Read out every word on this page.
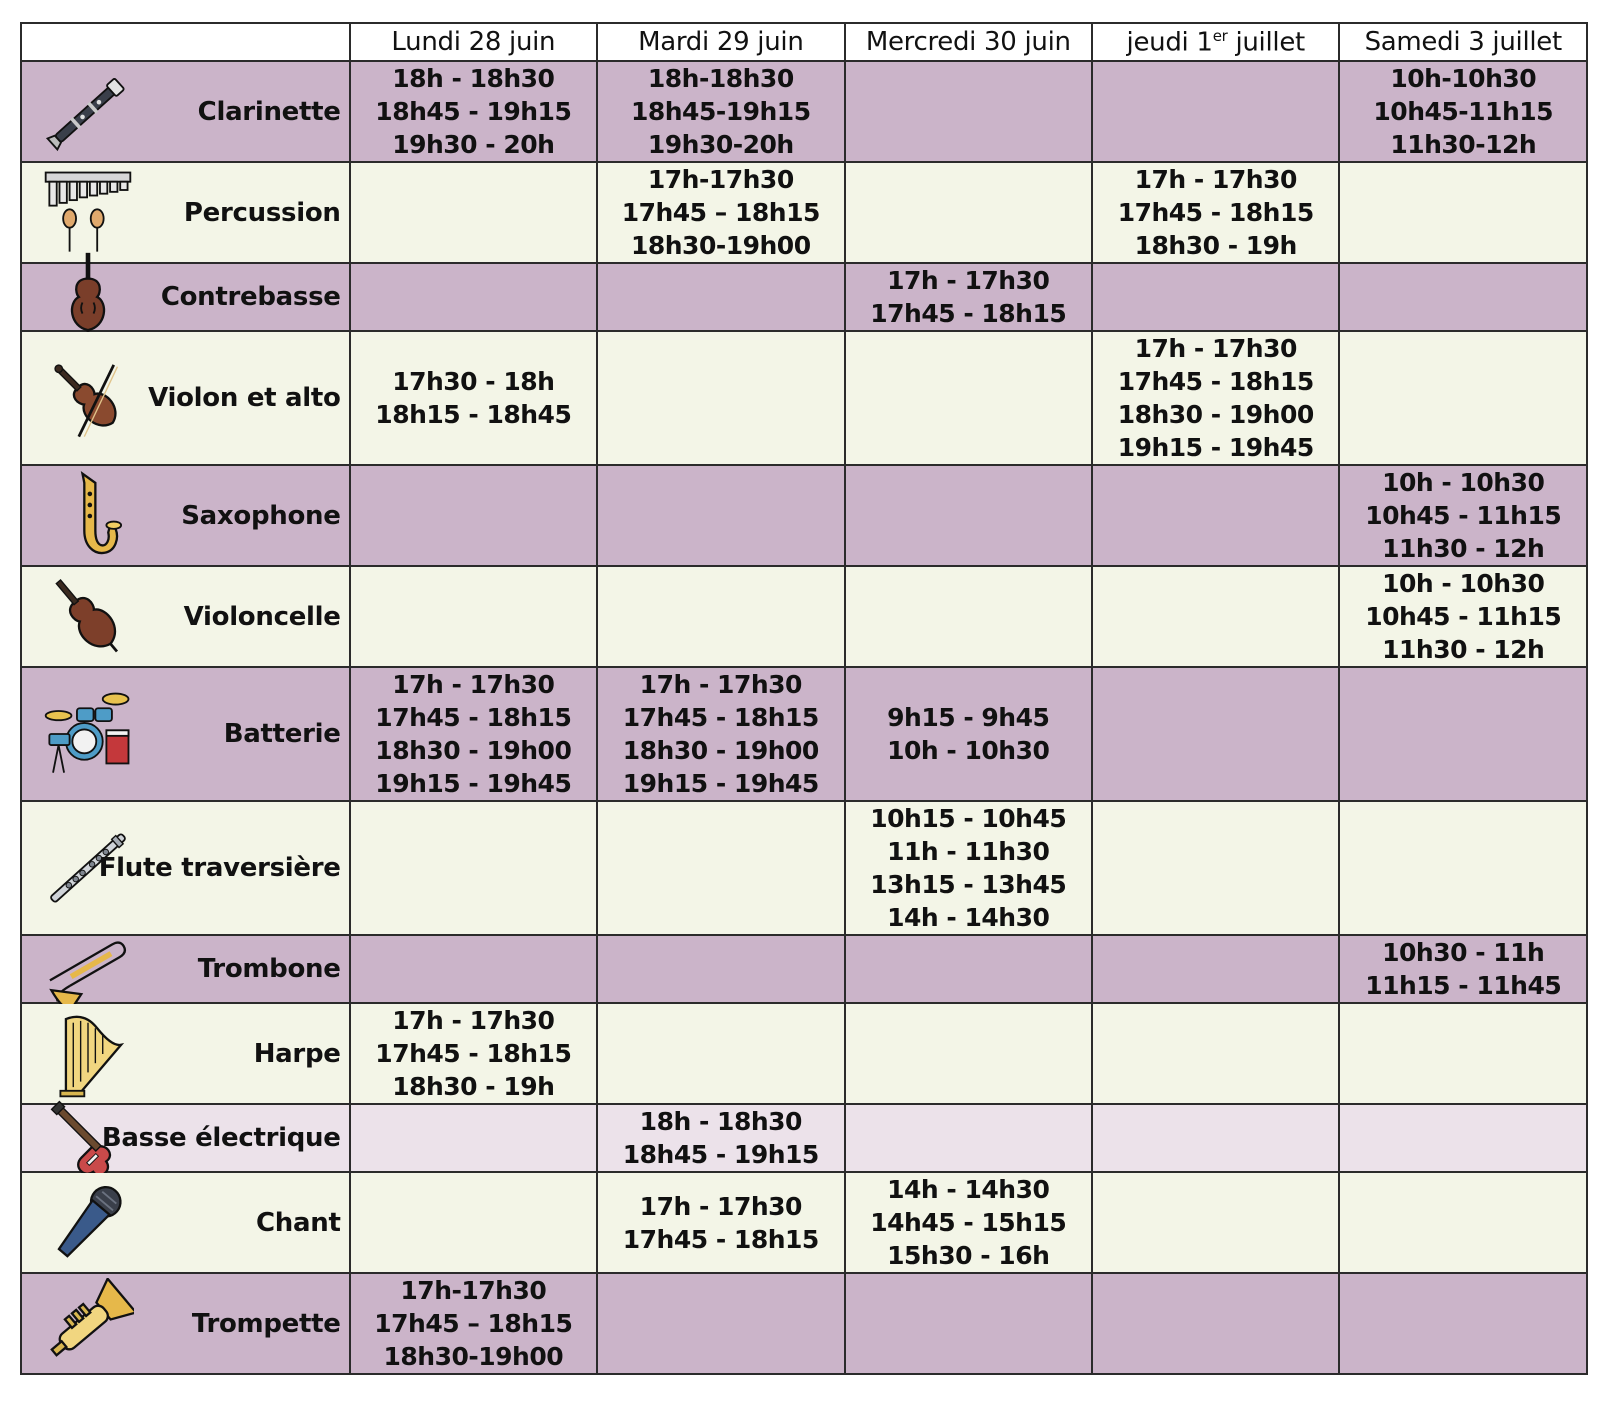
	Lundi 28 juin	Mardi 29 juin	Mercredi 30 juin	jeudi 1er juillet	Samedi 3 juillet

Clarinette	18h - 18h30
18h45 - 19h15
19h30 - 20h	18h-18h30
18h45-19h15
19h30-20h			10h-10h30
10h45-11h15
11h30-12h

Percussion		17h-17h30
17h45 – 18h15
18h30-19h00		17h - 17h30
17h45 - 18h15
18h30 - 19h	

Contrebasse			17h - 17h30
17h45 - 18h15		

Violon et alto	17h30 - 18h
18h15 - 18h45			17h - 17h30
17h45 - 18h15
18h30 - 19h00
19h15 - 19h45	

Saxophone					10h - 10h30
10h45 - 11h15
11h30 - 12h

Violoncelle					10h - 10h30
10h45 - 11h15
11h30 - 12h

Batterie	17h - 17h30
17h45 - 18h15
18h30 - 19h00
19h15 - 19h45	17h - 17h30
17h45 - 18h15
18h30 - 19h00
19h15 - 19h45	9h15 - 9h45
10h - 10h30		

Flute traversière			10h15 - 10h45
11h - 11h30
13h15 - 13h45
14h - 14h30		

Trombone					10h30 - 11h
11h15 - 11h45

Harpe	17h - 17h30
17h45 - 18h15
18h30 - 19h				

Basse électrique		18h - 18h30
18h45 - 19h15			

Chant		17h - 17h30
17h45 - 18h15	14h - 14h30
14h45 - 15h15
15h30 - 16h		

Trompette	17h-17h30
17h45 – 18h15
18h30-19h00				
